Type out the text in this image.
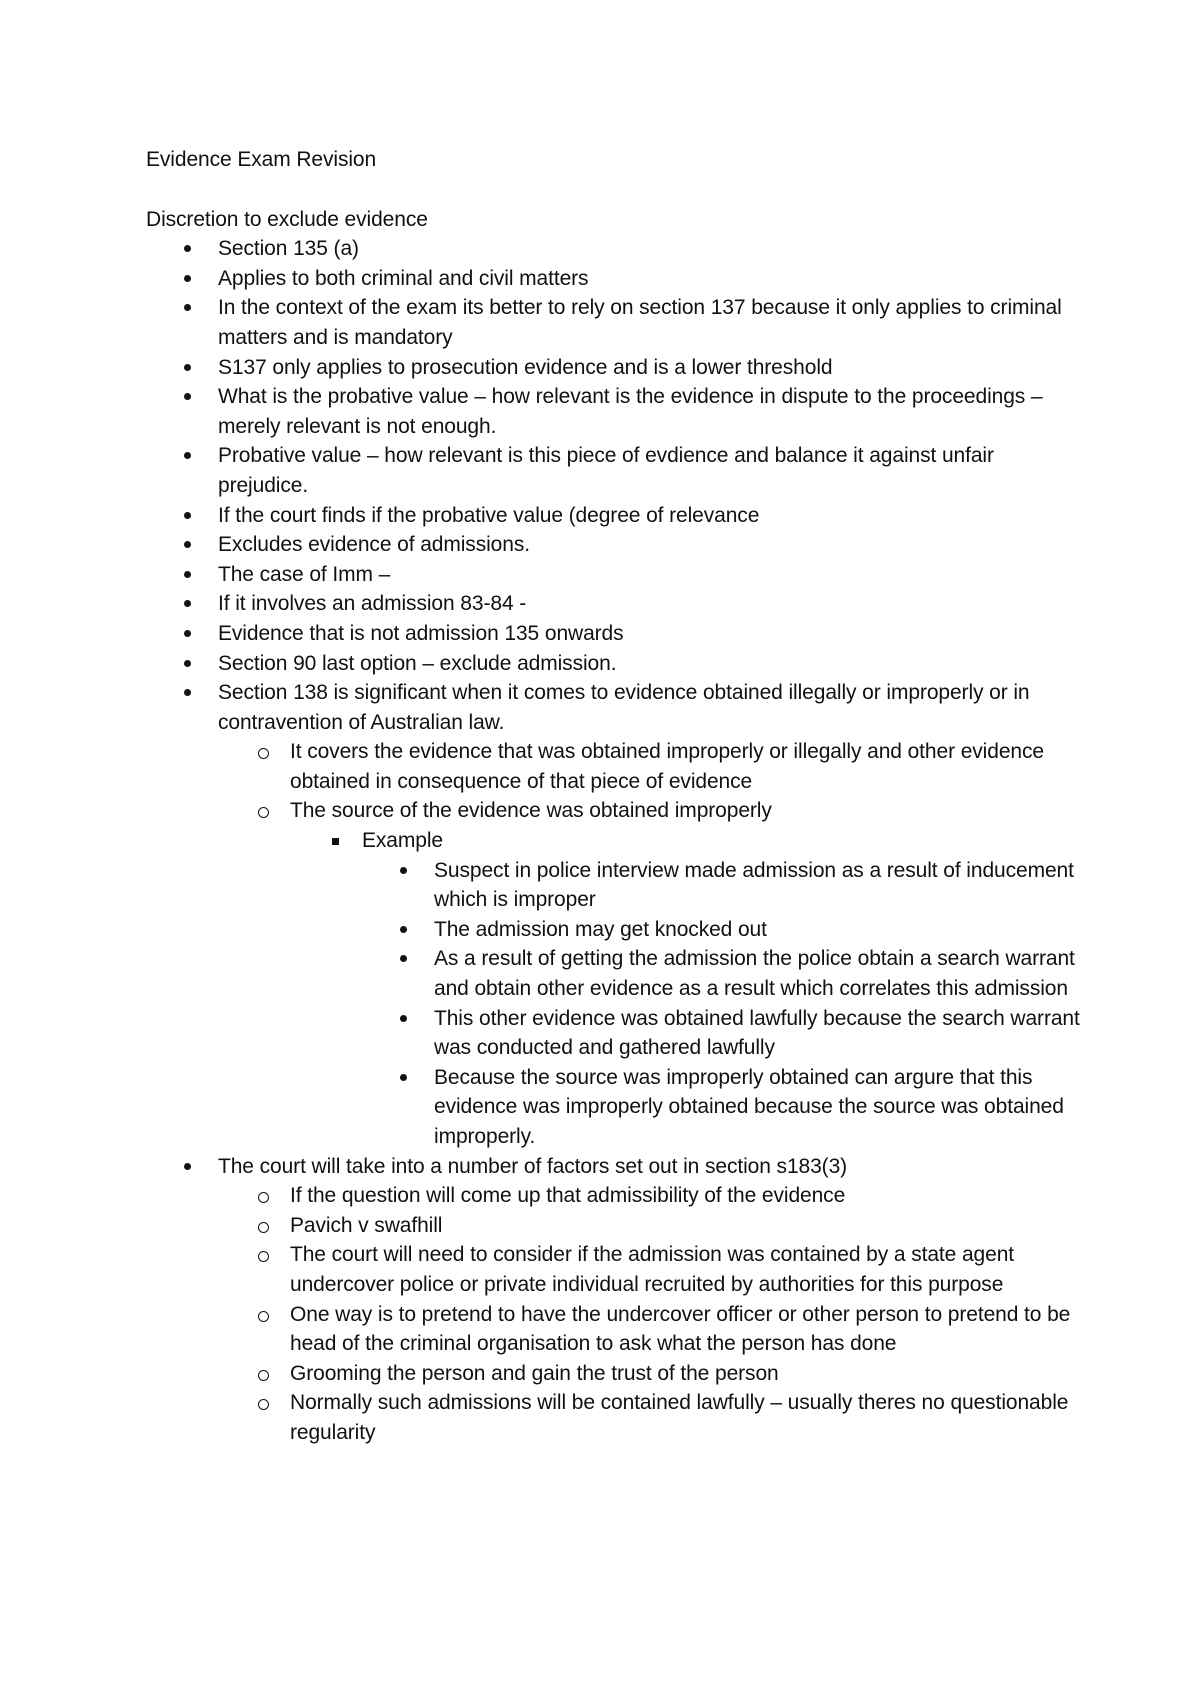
Evidence Exam Revision

Discretion to exclude evidence

Section 135 (a)
Applies to both criminal and civil matters
In the context of the exam its better to rely on section 137 because it only applies to criminal matters and is mandatory
S137 only applies to prosecution evidence and is a lower threshold
What is the probative value – how relevant is the evidence in dispute to the proceedings – merely relevant is not enough.
Probative value – how relevant is this piece of evdience and balance it against unfair prejudice.
If the court finds if the probative value (degree of relevance
Excludes evidence of admissions.
The case of Imm –
If it involves an admission 83-84 -
Evidence that is not admission 135 onwards
Section 90 last option – exclude admission.
Section 138 is significant when it comes to evidence obtained illegally or improperly or in contravention of Australian law.
It covers the evidence that was obtained improperly or illegally and other evidence obtained in consequence of that piece of evidence
The source of the evidence was obtained improperly
Example
Suspect in police interview made admission as a result of inducement which is improper
The admission may get knocked out
As a result of getting the admission the police obtain a search warrant and obtain other evidence as a result which correlates this admission
This other evidence was obtained lawfully because the search warrant was conducted and gathered lawfully
Because the source was improperly obtained can argure that this evidence was improperly obtained because the source was obtained improperly.
The court will take into a number of factors set out in section s183(3)
If the question will come up that admissibility of the evidence
Pavich v swafhill
The court will need to consider if the admission was contained by a state agent undercover police or private individual recruited by authorities for this purpose
One way is to pretend to have the undercover officer or other person to pretend to be head of the criminal organisation to ask what the person has done
Grooming the person and gain the trust of the person
Normally such admissions will be contained lawfully – usually theres no questionable regularity
